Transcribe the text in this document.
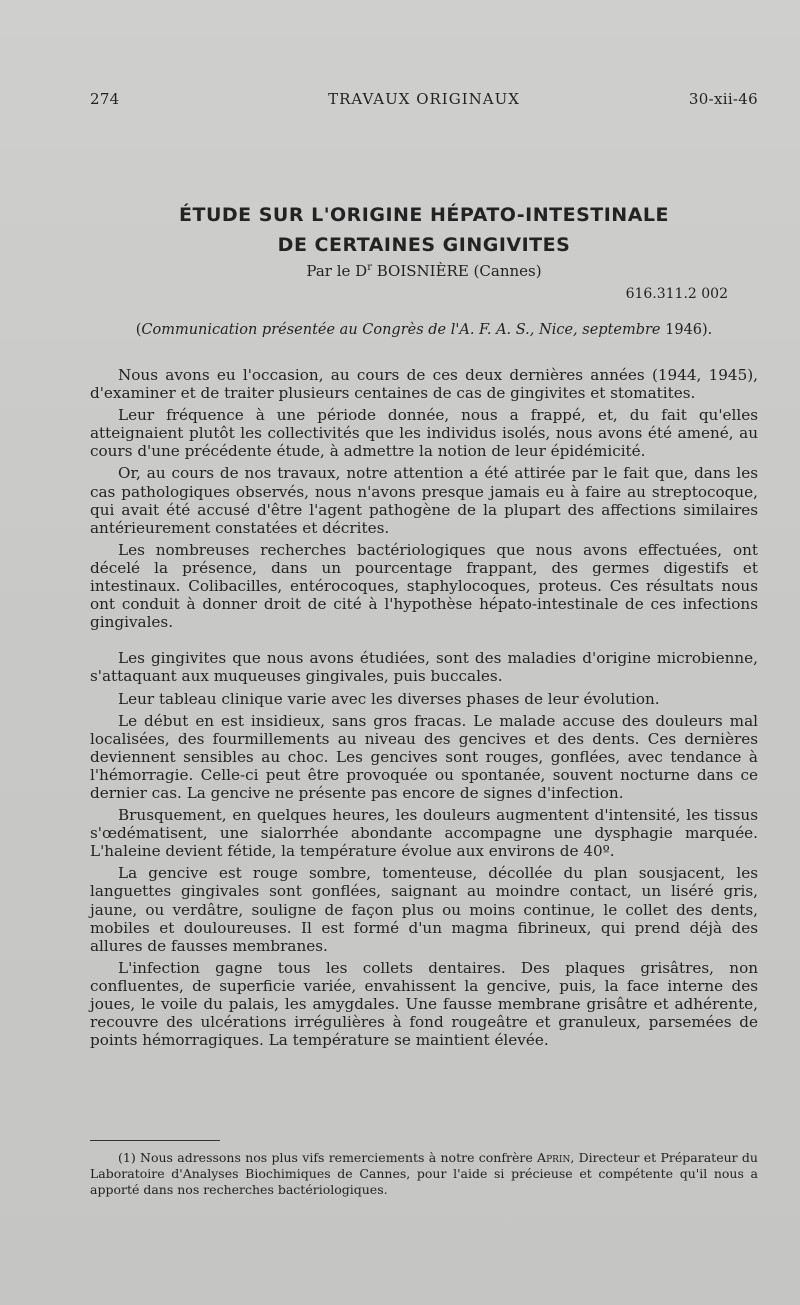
274	TRAVAUX ORIGINAUX	30-xii-46
ÉTUDE SUR L'ORIGINE HÉPATO-INTESTINALE
DE CERTAINES GINGIVITES
Par le $D^r$ BOISNIÈRE (Cannes)
616.311.2 002
(Communication présentée au Congrès de l'A. F. A. S., Nice, septembre 1946).

Nous avons eu l'occasion, au cours de ces deux dernières années (1944, 1945), d'examiner et de traiter plusieurs centaines de cas de gingivites et stomatites.

Leur fréquence à une période donnée, nous a frappé, et, du fait qu'elles atteignaient plutôt les collectivités que les individus isolés, nous avons été amené, au cours d'une précédente étude, à admettre la notion de leur épidémicité.

Or, au cours de nos travaux, notre attention a été attirée par le fait que, dans les cas pathologiques observés, nous n'avons presque jamais eu à faire au streptocoque, qui avait été accusé d'être l'agent pathogène de la plupart des affections similaires antérieurement constatées et décrites.

Les nombreuses recherches bactériologiques que nous avons effectuées, ont décelé la présence, dans un pourcentage frappant, des germes digestifs et intestinaux. Colibacilles, entérocoques, staphylocoques, proteus. Ces résultats nous ont conduit à donner droit de cité à l'hypothèse hépato-intestinale de ces infections gingivales.

Les gingivites que nous avons étudiées, sont des maladies d'origine microbienne, s'attaquant aux muqueuses gingivales, puis buccales.

Leur tableau clinique varie avec les diverses phases de leur évolution.

Le début en est insidieux, sans gros fracas. Le malade accuse des douleurs mal localisées, des fourmillements au niveau des gencives et des dents. Ces dernières deviennent sensibles au choc. Les gencives sont rouges, gonflées, avec tendance à l'hémorragie. Celle-ci peut être provoquée ou spontanée, souvent nocturne dans ce dernier cas. La gencive ne présente pas encore de signes d'infection.

Brusquement, en quelques heures, les douleurs augmentent d'intensité, les tissus s'œdématisent, une sialorrhée abondante accompagne une dysphagie marquée. L'haleine devient fétide, la température évolue aux environs de 40º.

La gencive est rouge sombre, tomenteuse, décollée du plan sousjacent, les languettes gingivales sont gonflées, saignant au moindre contact, un liséré gris, jaune, ou verdâtre, souligne de façon plus ou moins continue, le collet des dents, mobiles et douloureuses. Il est formé d'un magma fibrineux, qui prend déjà des allures de fausses membranes.

L'infection gagne tous les collets dentaires. Des plaques grisâtres, non confluentes, de superficie variée, envahissent la gencive, puis, la face interne des joues, le voile du palais, les amygdales. Une fausse membrane grisâtre et adhérente, recouvre des ulcérations irrégulières à fond rougeâtre et granuleux, parsemées de points hémorragiques. La température se maintient élevée.

(1) Nous adressons nos plus vifs remerciements à notre confrère Aprin, Directeur et Préparateur du Laboratoire d'Analyses Biochimiques de Cannes, pour l'aide si précieuse et compétente qu'il nous a apporté dans nos recherches bactériologiques.
